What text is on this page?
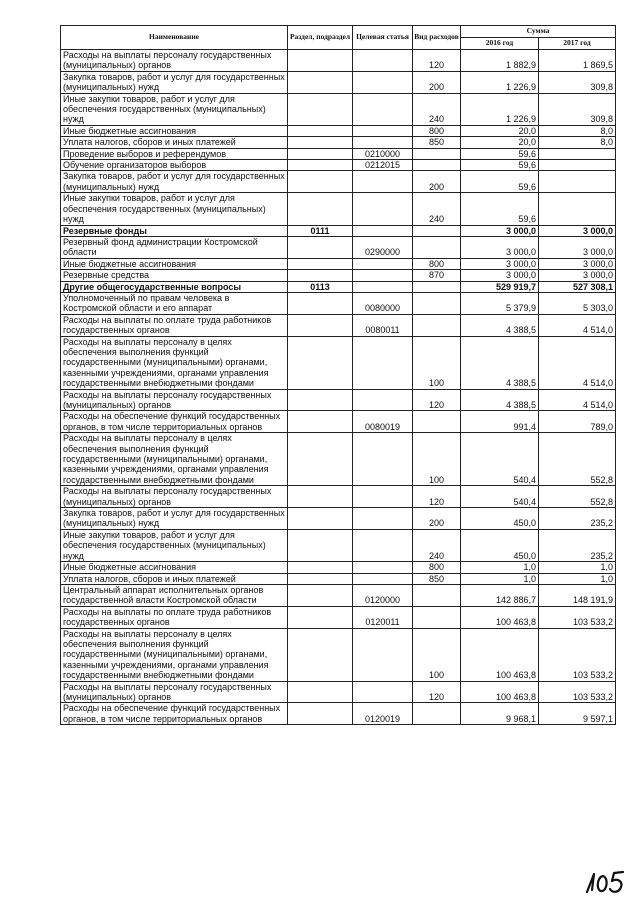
Наименование	Раздел, подраздел	Целевая статья	Вид расходов	Сумма	
				2016 год	2017 год
Расходы на выплаты персоналу государственных (муниципальных) органов			120	1 882,9	1 869,5
Закупка товаров, работ и услуг для государственных (муниципальных) нужд			200	1 226,9	309,8
Иные закупки товаров, работ и услуг для обеспечения государственных (муниципальных) нужд			240	1 226,9	309,8
Иные бюджетные ассигнования			800	20,0	8,0
Уплата налогов, сборов и иных платежей			850	20,0	8,0
Проведение выборов и референдумов		0210000		59,6	
Обучение организаторов выборов		0212015		59,6	
Закупка товаров, работ и услуг для государственных (муниципальных) нужд			200	59,6	
Иные закупки товаров, работ и услуг для обеспечения государственных (муниципальных) нужд			240	59,6	
Резервные фонды	0111			3 000,0	3 000,0
Резервный фонд администрации Костромской области		0290000		3 000,0	3 000,0
Иные бюджетные ассигнования			800	3 000,0	3 000,0
Резервные средства			870	3 000,0	3 000,0
Другие общегосударственные вопросы	0113			529 919,7	527 308,1
Уполномоченный по правам человека в Костромской области и его аппарат		0080000		5 379,9	5 303,0
Расходы на выплаты по оплате труда работников государственных органов		0080011		4 388,5	4 514,0
Расходы на выплаты персоналу в целях обеспечения выполнения функций государственными (муниципальными) органами, казенными учреждениями, органами управления государственными внебюджетными фондами			100	4 388,5	4 514,0
Расходы на выплаты персоналу государственных (муниципальных) органов			120	4 388,5	4 514,0
Расходы на обеспечение функций государственных органов, в том числе территориальных органов		0080019		991,4	789,0
Расходы на выплаты персоналу в целях обеспечения выполнения функций государственными (муниципальными) органами, казенными учреждениями, органами управления государственными внебюджетными фондами			100	540,4	552,8
Расходы на выплаты персоналу государственных (муниципальных) органов			120	540,4	552,8
Закупка товаров, работ и услуг для государственных (муниципальных) нужд			200	450,0	235,2
Иные закупки товаров, работ и услуг для обеспечения государственных (муниципальных) нужд			240	450,0	235,2
Иные бюджетные ассигнования			800	1,0	1,0
Уплата налогов, сборов и иных платежей			850	1,0	1,0
Центральный аппарат исполнительных органов государственной власти Костромской области		0120000		142 886,7	148 191,9
Расходы на выплаты по оплате труда работников государственных органов		0120011		100 463,8	103 533,2
Расходы на выплаты персоналу в целях обеспечения выполнения функций государственными (муниципальными) органами, казенными учреждениями, органами управления государственными внебюджетными фондами			100	100 463,8	103 533,2
Расходы на выплаты персоналу государственных (муниципальных) органов			120	100 463,8	103 533,2
Расходы на обеспечение функций государственных органов, в том числе территориальных органов		0120019		9 968,1	9 597,1
